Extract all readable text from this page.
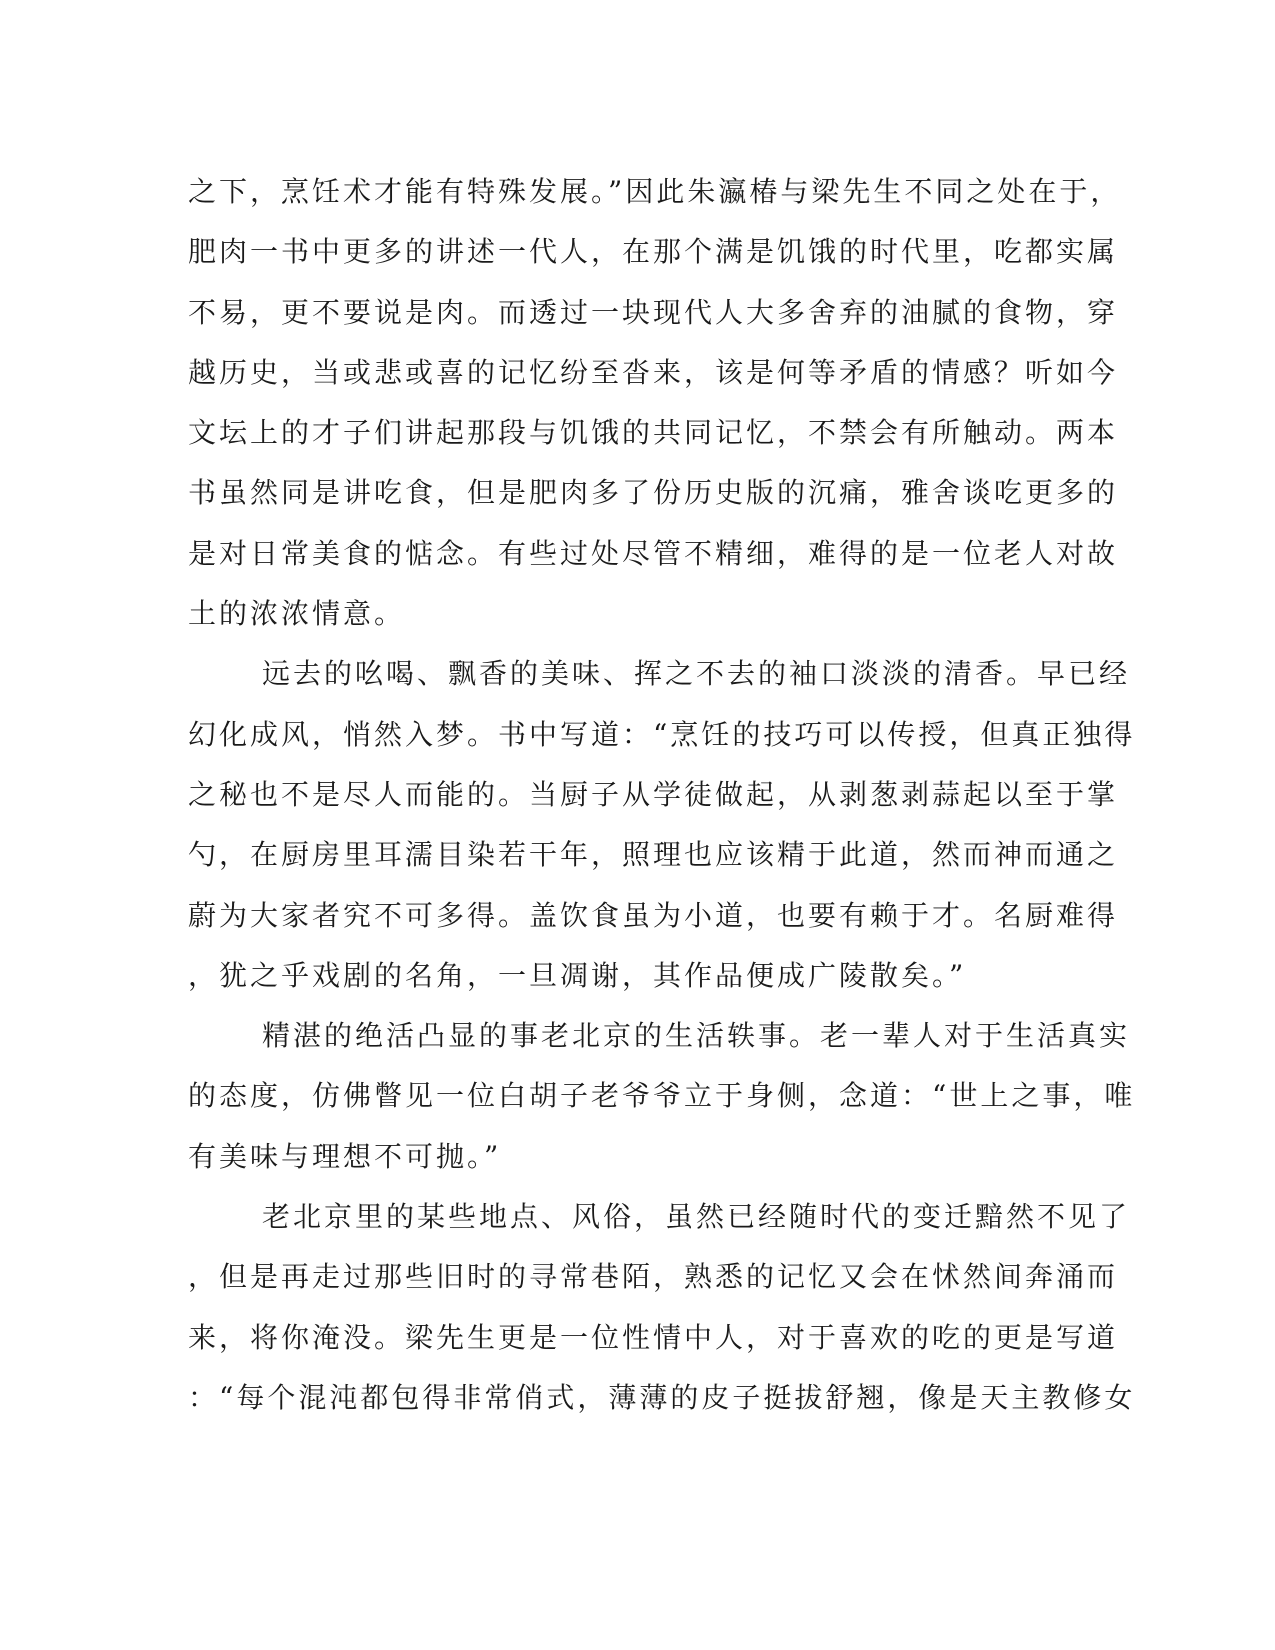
之下，烹饪术才能有特殊发展。”因此朱瀛椿与梁先生不同之处在于，
肥肉一书中更多的讲述一代人，在那个满是饥饿的时代里，吃都实属
不易，更不要说是肉。而透过一块现代人大多舍弃的油腻的食物，穿
越历史，当或悲或喜的记忆纷至沓来，该是何等矛盾的情感？听如今
文坛上的才子们讲起那段与饥饿的共同记忆，不禁会有所触动。两本
书虽然同是讲吃食，但是肥肉多了份历史版的沉痛，雅舍谈吃更多的
是对日常美食的惦念。有些过处尽管不精细，难得的是一位老人对故
土的浓浓情意。
远去的吆喝、飘香的美味、挥之不去的袖口淡淡的清香。早已经
幻化成风，悄然入梦。书中写道：“烹饪的技巧可以传授，但真正独得
之秘也不是尽人而能的。当厨子从学徒做起，从剥葱剥蒜起以至于掌
勺，在厨房里耳濡目染若干年，照理也应该精于此道，然而神而通之
蔚为大家者究不可多得。盖饮食虽为小道，也要有赖于才。名厨难得
，犹之乎戏剧的名角，一旦凋谢，其作品便成广陵散矣。”
精湛的绝活凸显的事老北京的生活轶事。老一辈人对于生活真实
的态度，仿佛瞥见一位白胡子老爷爷立于身侧，念道：“世上之事，唯
有美味与理想不可抛。”
老北京里的某些地点、风俗，虽然已经随时代的变迁黯然不见了
，但是再走过那些旧时的寻常巷陌，熟悉的记忆又会在怵然间奔涌而
来，将你淹没。梁先生更是一位性情中人，对于喜欢的吃的更是写道
：“每个混沌都包得非常俏式，薄薄的皮子挺拔舒翘，像是天主教修女
